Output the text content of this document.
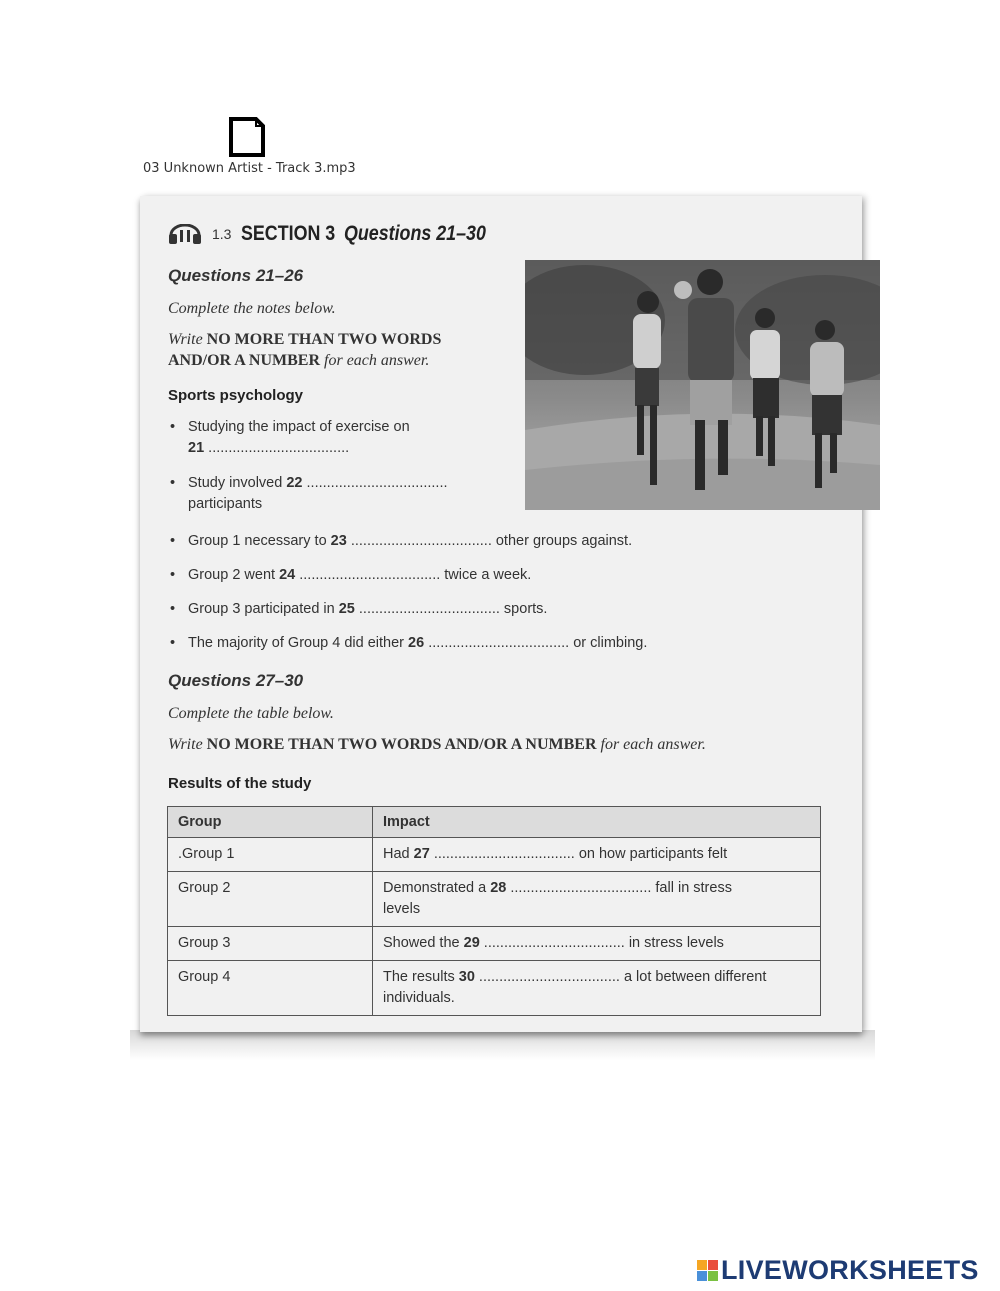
03 Unknown Artist - Track 3.mp3
1.3 SECTION 3 Questions 21–30
Questions 21–26
Complete the notes below.
Write NO MORE THAN TWO WORDS
AND/OR A NUMBER for each answer.
Sports psychology
• Studying the impact of exercise on
21 ...................................
• Study involved 22 ...................................
participants
• Group 1 necessary to 23 ................................... other groups against.
• Group 2 went 24 ................................... twice a week.
• Group 3 participated in 25 ................................... sports.
• The majority of Group 4 did either 26 ................................... or climbing.
Questions 27–30
Complete the table below.
Write NO MORE THAN TWO WORDS AND/OR A NUMBER for each answer.
Results of the study
Group	Impact
.Group 1	Had 27 ................................... on how participants felt
Group 2	Demonstrated a 28 ................................... fall in stress levels
Group 3	Showed the 29 ................................... in stress levels
Group 4	The results 30 ................................... a lot between different individuals.
LIVEWORKSHEETS
